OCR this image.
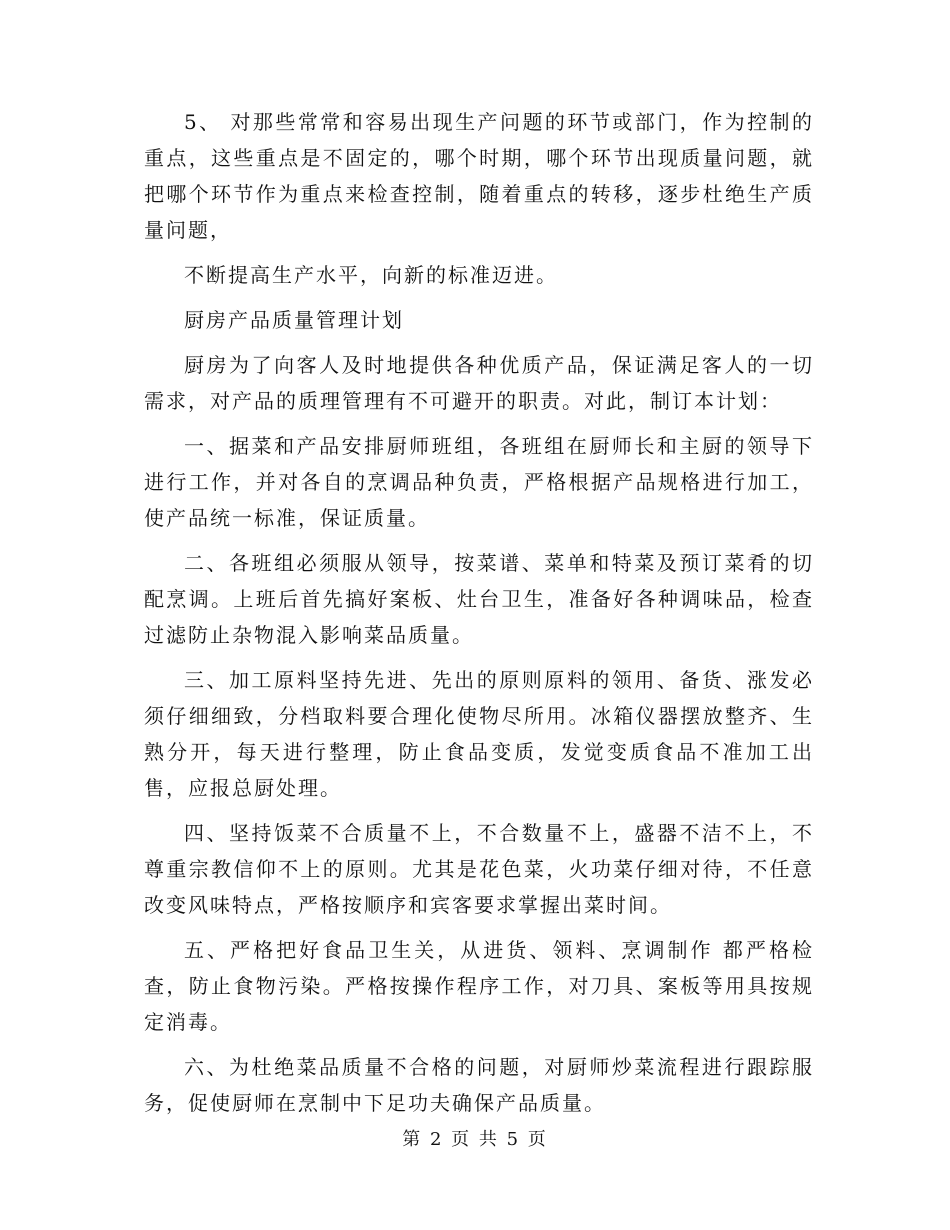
5、 对那些常常和容易出现生产问题的环节或部门，作为控制的重点，这些重点是不固定的，哪个时期，哪个环节出现质量问题，就把哪个环节作为重点来检查控制，随着重点的转移，逐步杜绝生产质量问题，

不断提高生产水平，向新的标准迈进。

厨房产品质量管理计划

厨房为了向客人及时地提供各种优质产品，保证满足客人的一切需求，对产品的质理管理有不可避开的职责。对此，制订本计划：

一、据菜和产品安排厨师班组，各班组在厨师长和主厨的领导下进行工作，并对各自的烹调品种负责，严格根据产品规格进行加工，使产品统一标准，保证质量。

二、各班组必须服从领导，按菜谱、菜单和特菜及预订菜肴的切配烹调。上班后首先搞好案板、灶台卫生，准备好各种调味品，检查过滤防止杂物混入影响菜品质量。

三、加工原料坚持先进、先出的原则原料的领用、备货、涨发必须仔细细致，分档取料要合理化使物尽所用。冰箱仪器摆放整齐、生熟分开，每天进行整理，防止食品变质，发觉变质食品不准加工出售，应报总厨处理。

四、坚持饭菜不合质量不上，不合数量不上，盛器不洁不上，不尊重宗教信仰不上的原则。尤其是花色菜，火功菜仔细对待，不任意改变风味特点，严格按顺序和宾客要求掌握出菜时间。

五、严格把好食品卫生关，从进货、领料、烹调制作 都严格检查，防止食物污染。严格按操作程序工作，对刀具、案板等用具按规定消毒。

六、为杜绝菜品质量不合格的问题，对厨师炒菜流程进行跟踪服务，促使厨师在烹制中下足功夫确保产品质量。

第 2 页 共 5 页
